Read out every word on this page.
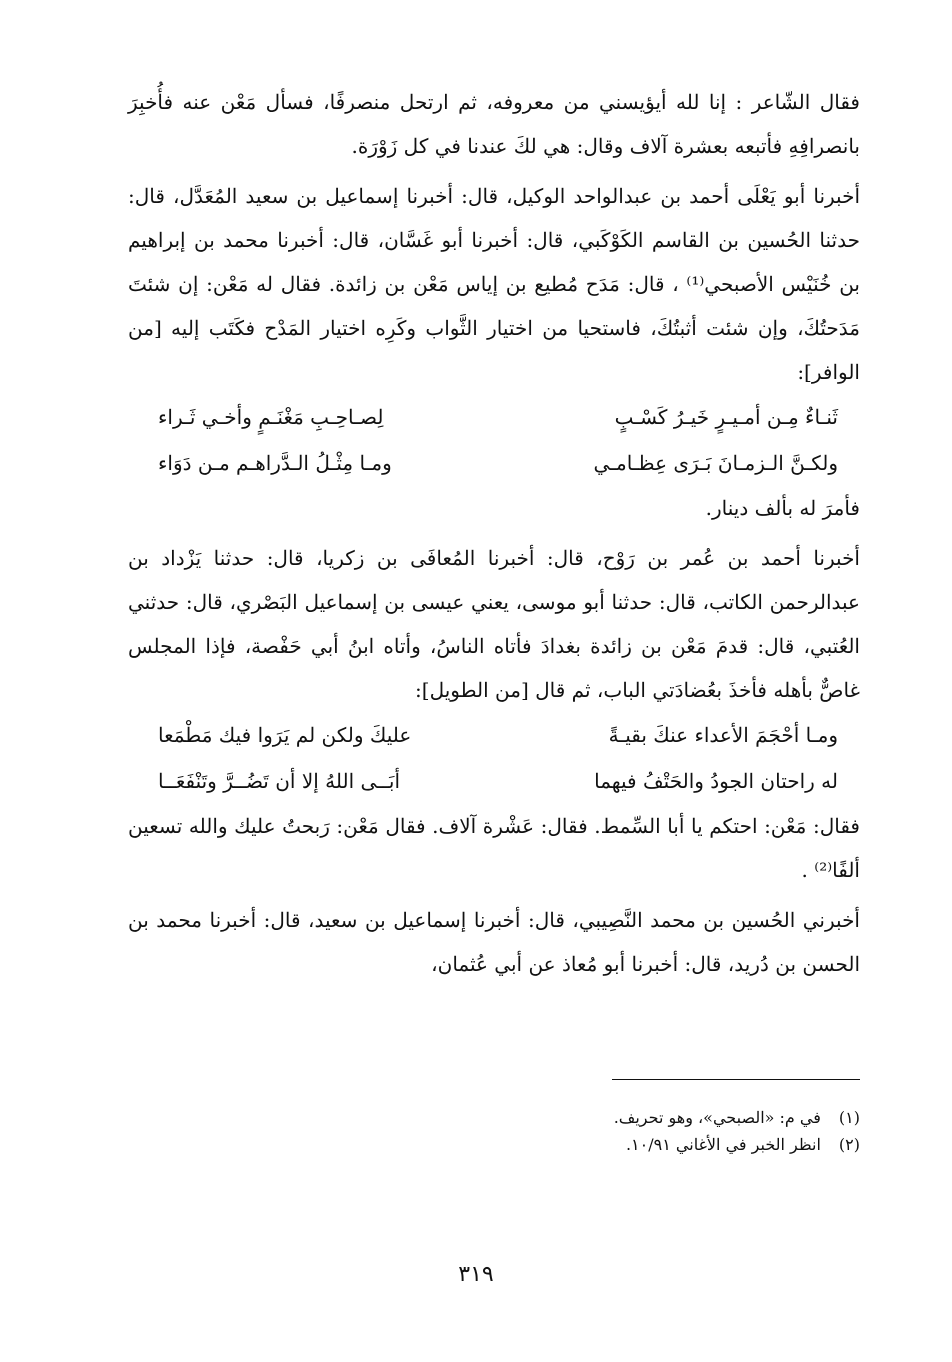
فقال الشّاعر : إنا لله أيؤيسني من معروفه، ثم ارتحل منصرفًا، فسأل مَعْن عنه فأُخبِرَ بانصرافِهِ فأتبعه بعشرة آلاف وقال: هي لكَ عندنا في كل زَوْرَة.

أخبرنا أبو يَعْلَى أحمد بن عبدالواحد الوكيل، قال: أخبرنا إسماعيل بن سعيد المُعَدَّل، قال: حدثنا الحُسين بن القاسم الكَوْكَبي، قال: أخبرنا أبو غَسَّان، قال: أخبرنا محمد بن إبراهيم بن خُنَيْس الأصبحي⁽¹⁾ ، قال: مَدَح مُطيع بن إياس مَعْن بن زائدة. فقال له مَعْن: إن شئتَ مَدَحتُكَ، وإن شئت أثبتُكَ، فاستحيا من اختيار الثَّواب وكَرِه اختيار المَدْح فكَتَب إليه [من الوافر]:

ثَنـاءٌ مِـن أمـيـرٍ خَيـرُ كَسْـبٍ
لِصـاحِـبِ مَغْنَـمٍ وأخـي ثَـراء
ولكـنَّ الـزمـانَ بَـرَى عِظـامـي
ومـا مِثْـلُ الـدَّراهـم مـن دَوَاء

فأمرَ له بألف دينار.

أخبرنا أحمد بن عُمر بن رَوْح، قال: أخبرنا المُعافَى بن زكريا، قال: حدثنا يَزْداد بن عبدالرحمن الكاتب، قال: حدثنا أبو موسى، يعني عيسى بن إسماعيل البَصْري، قال: حدثني العُتبي، قال: قدمَ مَعْن بن زائدة بغدادَ فأتاه الناسُ، وأتاه ابنُ أبي حَفْصة، فإذا المجلس غاصٌّ بأهله فأخذَ بعُضادَتي الباب، ثم قال [من الطويل]:

ومـا أحْجَمَ الأعداء عنكَ بقيـةً
عليكَ ولكن لم يَرَوا فيك مَطْمَعا
له راحتان الجودُ والحَتْفُ فيهما
أبَــى اللهُ إلا أن تَضُــرَّ وتَنْفَعَــا

فقال: مَعْن: احتكم يا أبا السِّمط. فقال: عَشْرة آلاف. فقال مَعْن: رَبحتُ عليك والله تسعين ألفًا⁽²⁾ .

أخبرني الحُسين بن محمد النَّصِيبي، قال: أخبرنا إسماعيل بن سعيد، قال: أخبرنا محمد بن الحسن بن دُريد، قال: أخبرنا أبو مُعاذ عن أبي عُثمان،

(١) في م: «الصبحي»، وهو تحريف.

(٢) انظر الخبر في الأغاني ١٠/٩١.

٣١٩
